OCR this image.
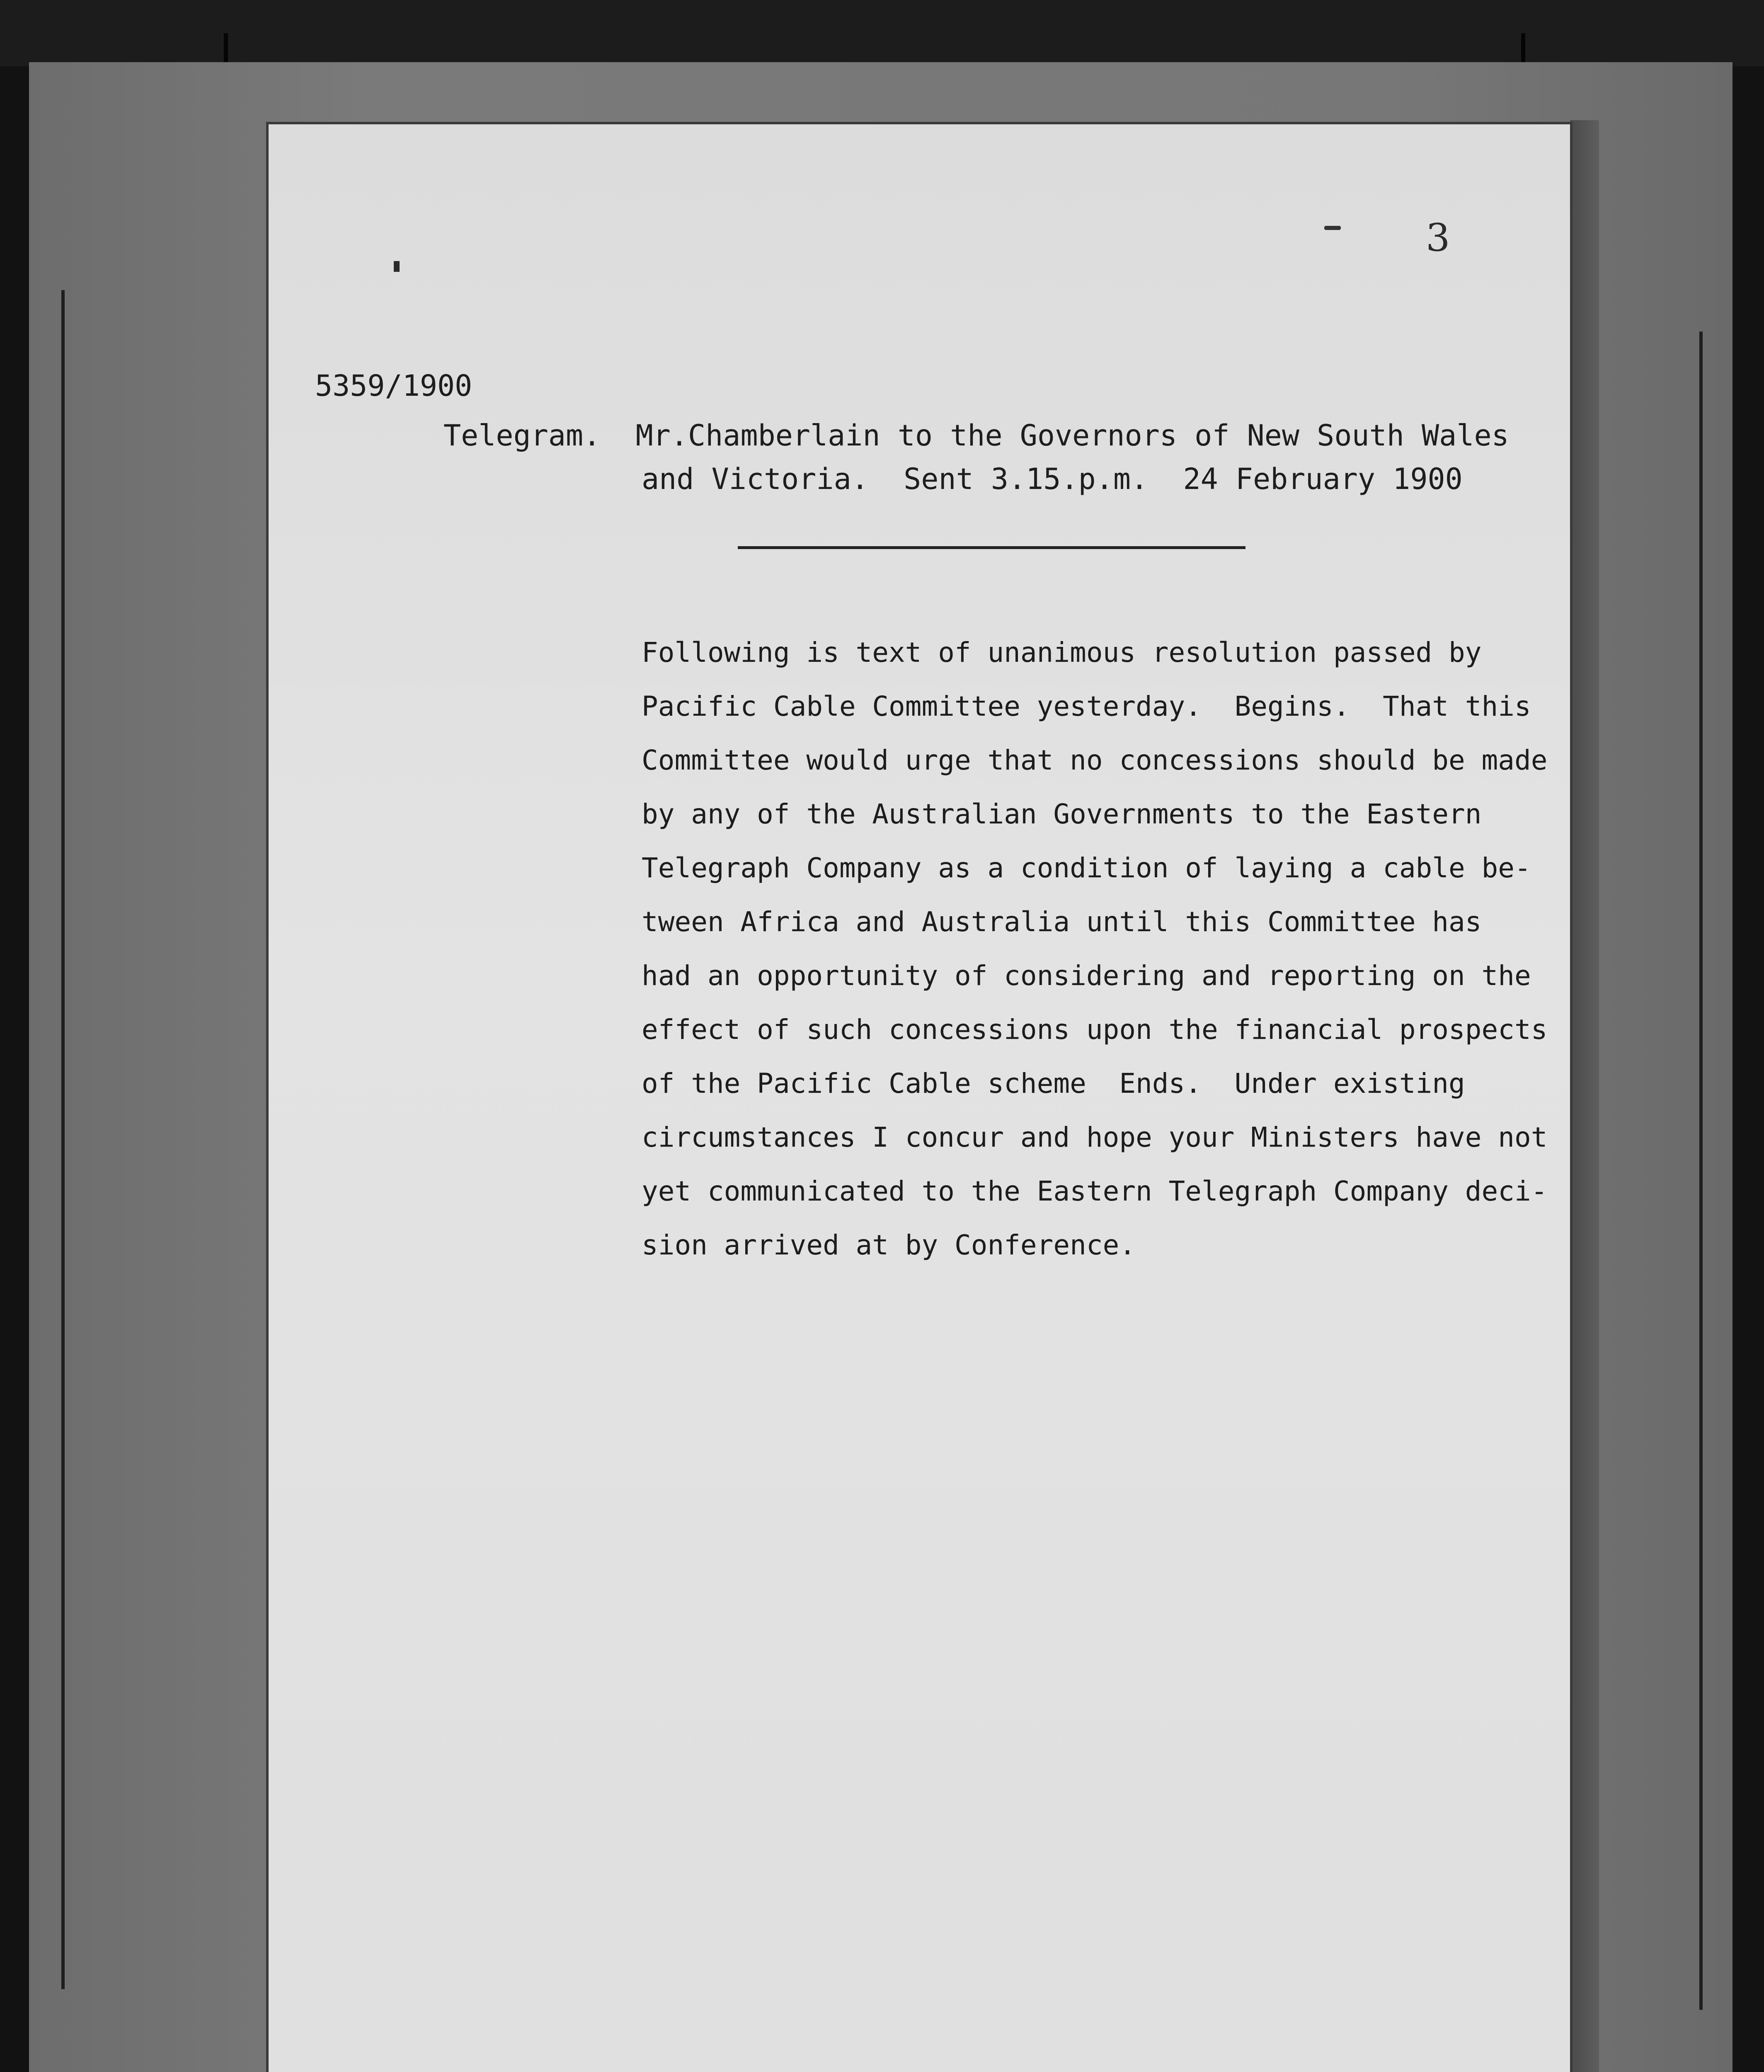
3
5359/1900
Telegram.  Mr.Chamberlain to the Governors of New South Wales
and Victoria.  Sent 3.15.p.m.  24 February 1900
Following is text of unanimous resolution passed by
Pacific Cable Committee yesterday.  Begins.  That this
Committee would urge that no concessions should be made
by any of the Australian Governments to the Eastern
Telegraph Company as a condition of laying a cable be-
tween Africa and Australia until this Committee has
had an opportunity of considering and reporting on the
effect of such concessions upon the financial prospects
of the Pacific Cable scheme  Ends.  Under existing
circumstances I concur and hope your Ministers have not
yet communicated to the Eastern Telegraph Company deci-
sion arrived at by Conference.
